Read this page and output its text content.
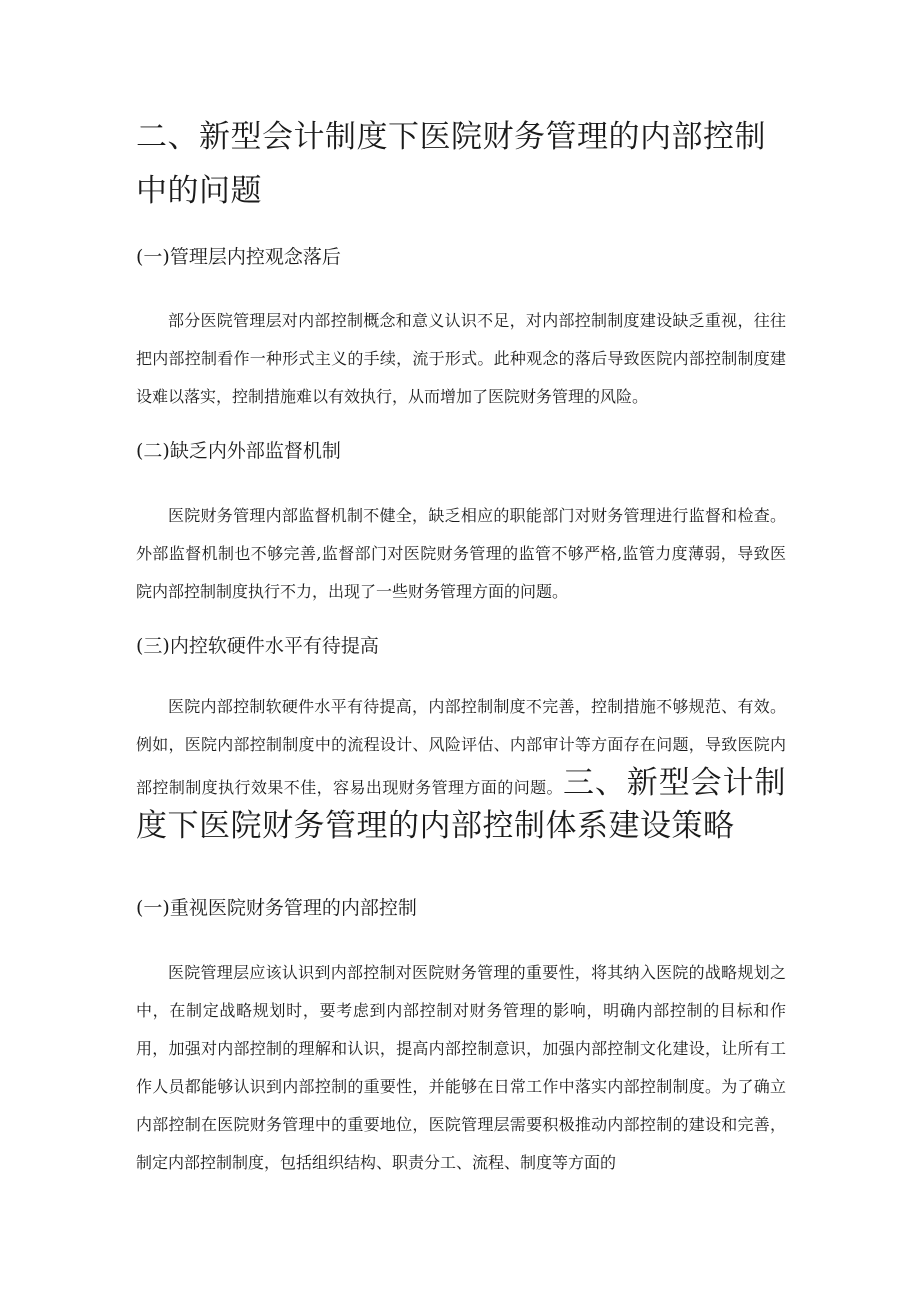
二、新型会计制度下医院财务管理的内部控制中的问题
(一)管理层内控观念落后

部分医院管理层对内部控制概念和意义认识不足，对内部控制制度建设缺乏重视，往往把内部控制看作一种形式主义的手续，流于形式。此种观念的落后导致医院内部控制制度建设难以落实，控制措施难以有效执行，从而增加了医院财务管理的风险。

(二)缺乏内外部监督机制

医院财务管理内部监督机制不健全，缺乏相应的职能部门对财务管理进行监督和检查。外部监督机制也不够完善,监督部门对医院财务管理的监管不够严格,监管力度薄弱，导致医院内部控制制度执行不力，出现了一些财务管理方面的问题。

(三)内控软硬件水平有待提高

医院内部控制软硬件水平有待提高，内部控制制度不完善，控制措施不够规范、有效。例如，医院内部控制制度中的流程设计、风险评估、内部审计等方面存在问题，导致医院内部控制制度执行效果不佳，容易出现财务管理方面的问题。三、新型会计制度下医院财务管理的内部控制体系建设策略

(一)重视医院财务管理的内部控制

医院管理层应该认识到内部控制对医院财务管理的重要性，将其纳入医院的战略规划之中，在制定战略规划时，要考虑到内部控制对财务管理的影响，明确内部控制的目标和作用，加强对内部控制的理解和认识，提高内部控制意识，加强内部控制文化建设，让所有工作人员都能够认识到内部控制的重要性，并能够在日常工作中落实内部控制制度。为了确立内部控制在医院财务管理中的重要地位，医院管理层需要积极推动内部控制的建设和完善，制定内部控制制度，包括组织结构、职责分工、流程、制度等方面的
